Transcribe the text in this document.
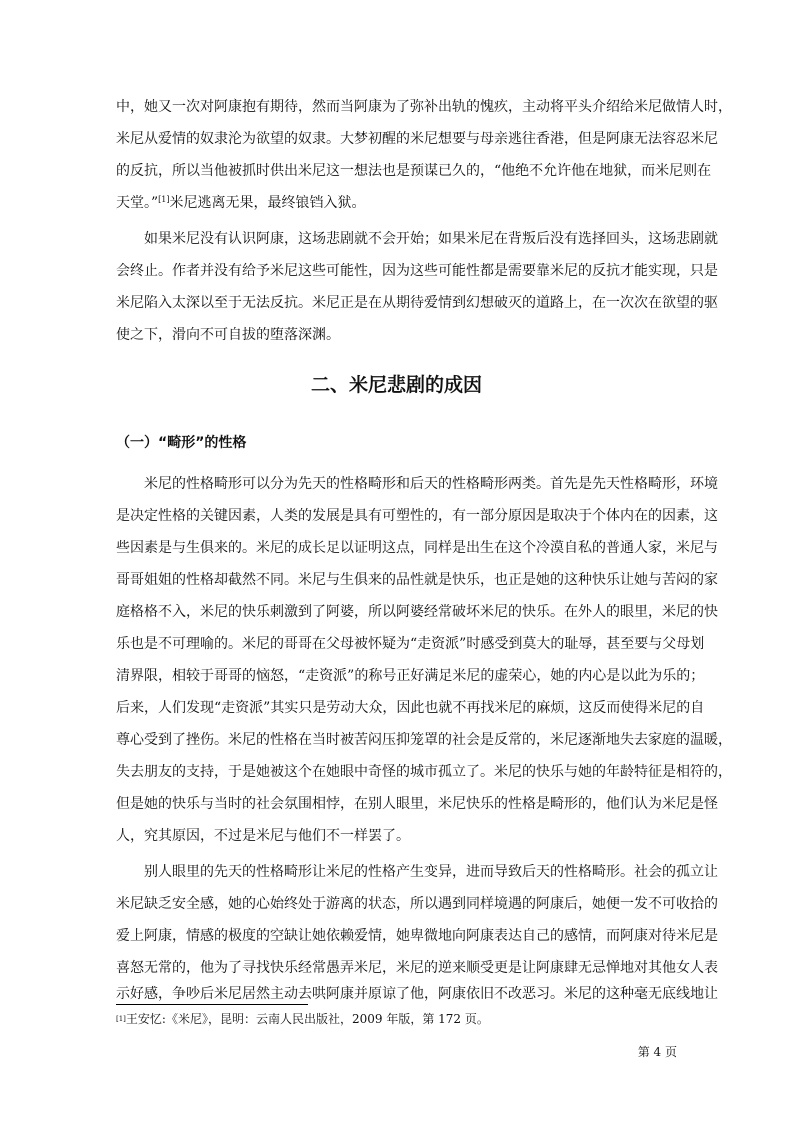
中，她又一次对阿康抱有期待，然而当阿康为了弥补出轨的愧疚，主动将平头介绍给米尼做情人时，
米尼从爱情的奴隶沦为欲望的奴隶。大梦初醒的米尼想要与母亲逃往香港，但是阿康无法容忍米尼
的反抗，所以当他被抓时供出米尼这一想法也是预谋已久的，“他绝不允许他在地狱，而米尼则在
天堂。”[1]米尼逃离无果，最终锒铛入狱。
如果米尼没有认识阿康，这场悲剧就不会开始；如果米尼在背叛后没有选择回头，这场悲剧就
会终止。作者并没有给予米尼这些可能性，因为这些可能性都是需要靠米尼的反抗才能实现，只是
米尼陷入太深以至于无法反抗。米尼正是在从期待爱情到幻想破灭的道路上，在一次次在欲望的驱
使之下，滑向不可自拔的堕落深渊。
二、米尼悲剧的成因
（一）“畸形”的性格
米尼的性格畸形可以分为先天的性格畸形和后天的性格畸形两类。首先是先天性格畸形，环境
是决定性格的关键因素，人类的发展是具有可塑性的，有一部分原因是取决于个体内在的因素，这
些因素是与生俱来的。米尼的成长足以证明这点，同样是出生在这个冷漠自私的普通人家，米尼与
哥哥姐姐的性格却截然不同。米尼与生俱来的品性就是快乐，也正是她的这种快乐让她与苦闷的家
庭格格不入，米尼的快乐刺激到了阿婆，所以阿婆经常破坏米尼的快乐。在外人的眼里，米尼的快
乐也是不可理喻的。米尼的哥哥在父母被怀疑为“走资派”时感受到莫大的耻辱，甚至要与父母划
清界限，相较于哥哥的恼怒，“走资派”的称号正好满足米尼的虚荣心，她的内心是以此为乐的；
后来，人们发现“走资派”其实只是劳动大众，因此也就不再找米尼的麻烦，这反而使得米尼的自
尊心受到了挫伤。米尼的性格在当时被苦闷压抑笼罩的社会是反常的，米尼逐渐地失去家庭的温暖，
失去朋友的支持，于是她被这个在她眼中奇怪的城市孤立了。米尼的快乐与她的年龄特征是相符的，
但是她的快乐与当时的社会氛围相悖，在别人眼里，米尼快乐的性格是畸形的，他们认为米尼是怪
人，究其原因，不过是米尼与他们不一样罢了。
别人眼里的先天的性格畸形让米尼的性格产生变异，进而导致后天的性格畸形。社会的孤立让
米尼缺乏安全感，她的心始终处于游离的状态，所以遇到同样境遇的阿康后，她便一发不可收拾的
爱上阿康，情感的极度的空缺让她依赖爱情，她卑微地向阿康表达自己的感情，而阿康对待米尼是
喜怒无常的，他为了寻找快乐经常愚弄米尼，米尼的逆来顺受更是让阿康肆无忌惮地对其他女人表
示好感，争吵后米尼居然主动去哄阿康并原谅了他，阿康依旧不改恶习。米尼的这种毫无底线地让
[1]王安忆:《米尼》，昆明：云南人民出版社，2009 年版，第 172 页。
第 4 页
